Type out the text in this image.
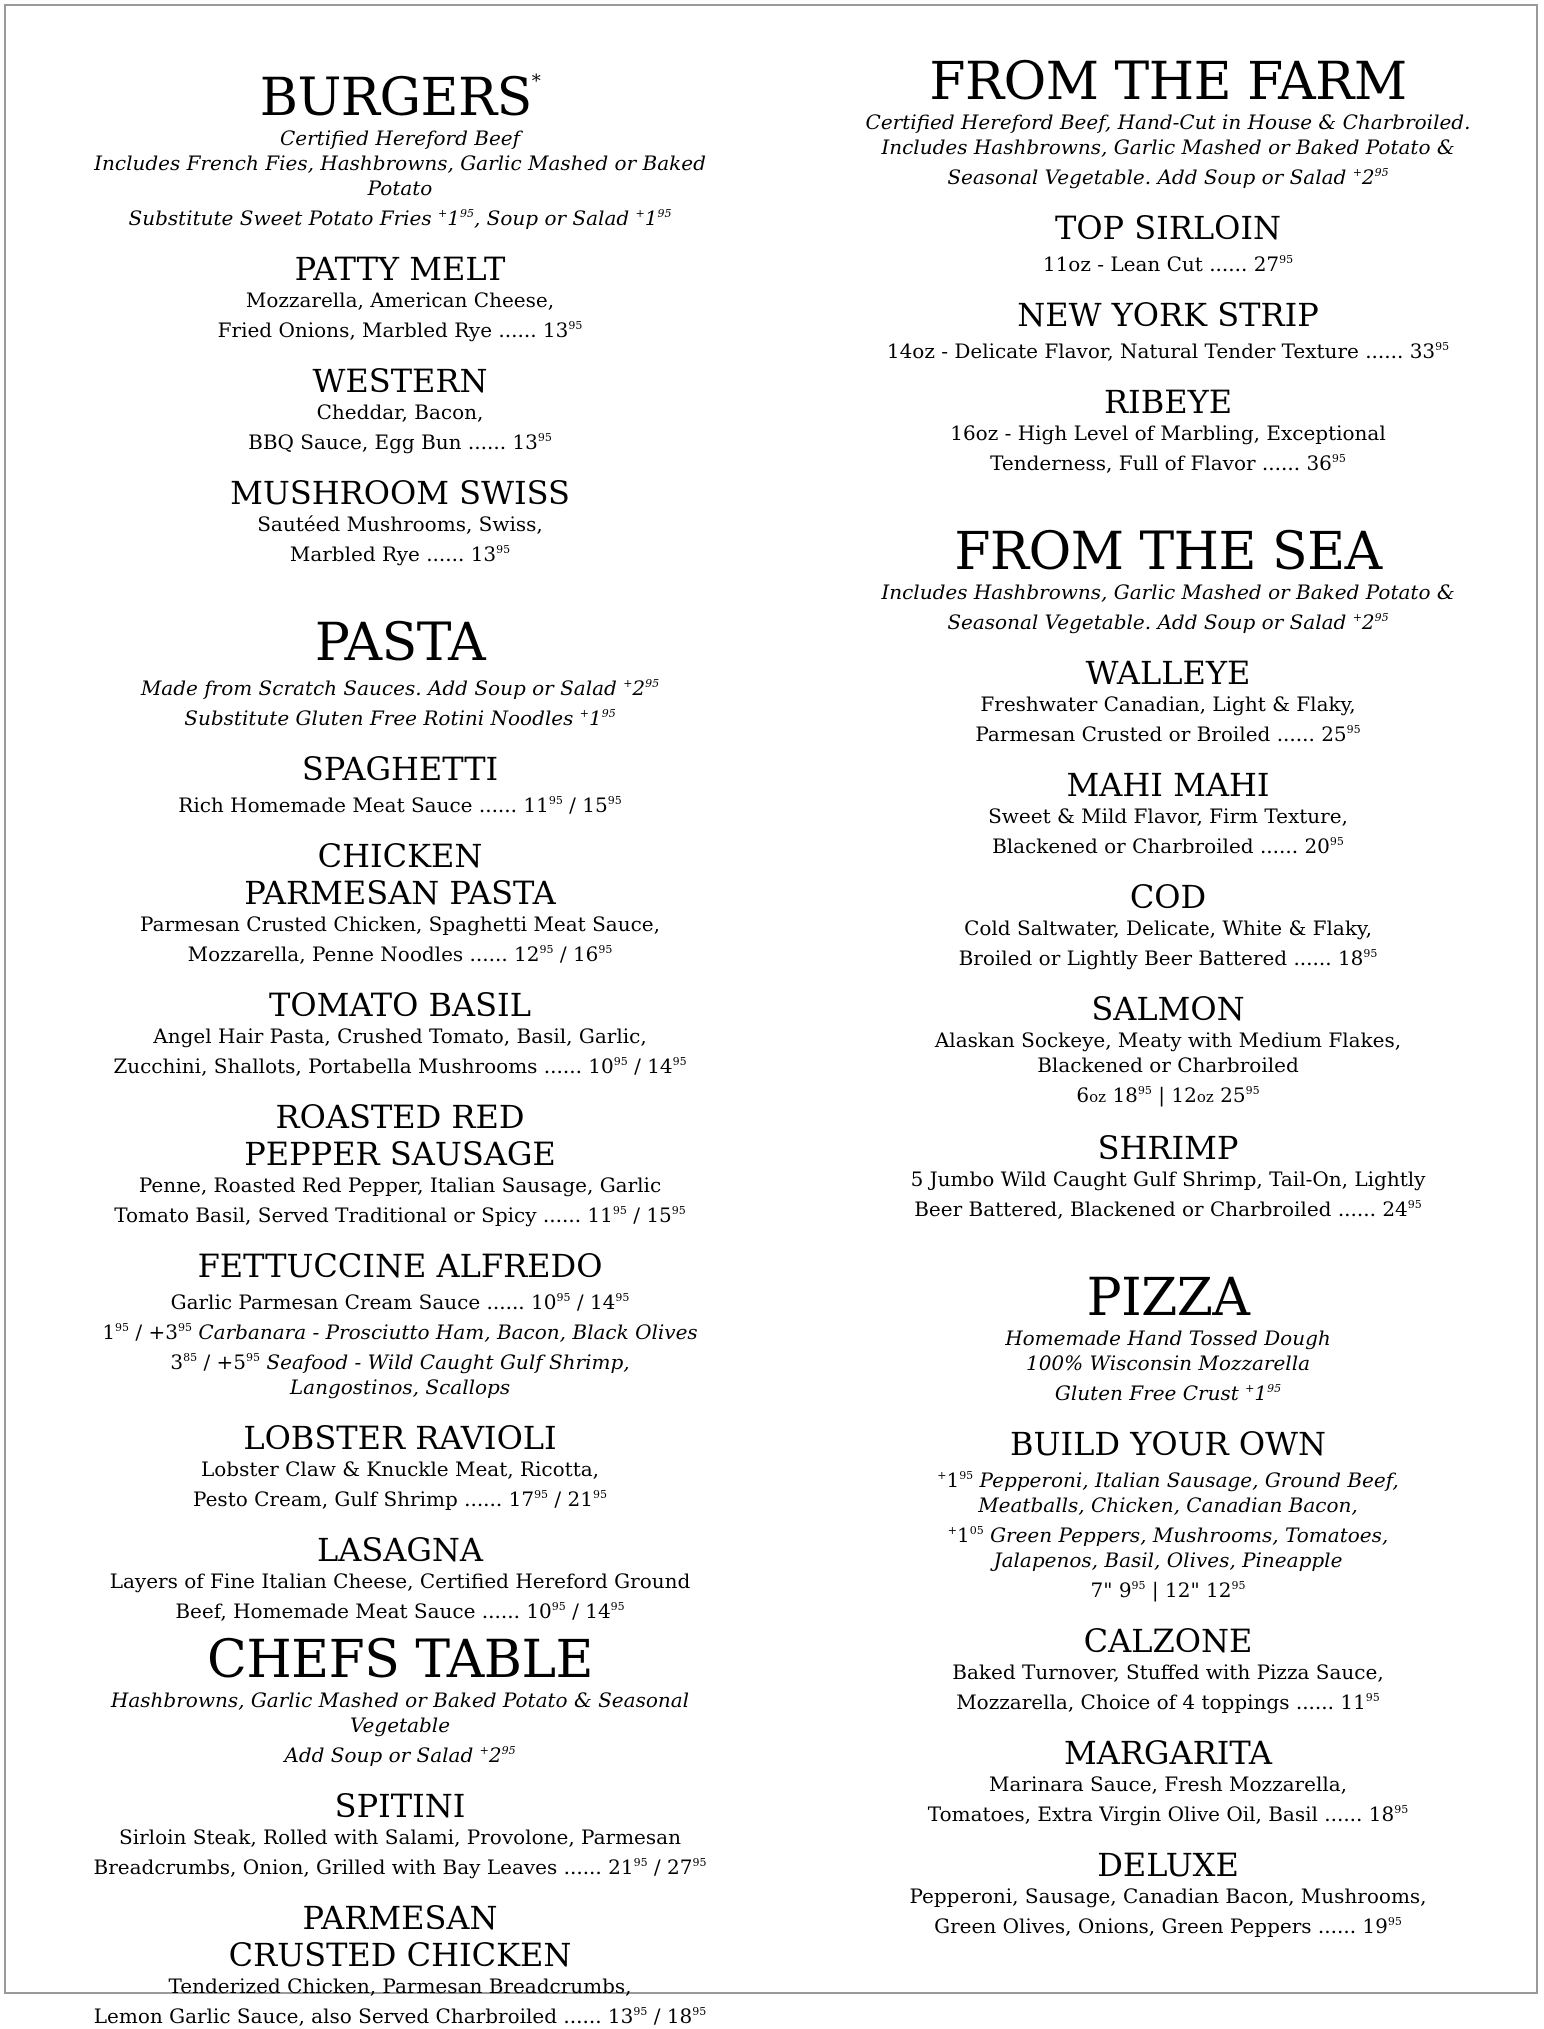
BURGERS*
Certified Hereford Beef
Includes French Fies, Hashbrowns, Garlic Mashed or Baked Potato
Substitute Sweet Potato Fries $^+1^{95}$, Soup or Salad $^+1^{95}$
PATTY MELT
Mozzarella, American Cheese,
Fried Onions, Marbled Rye ...... $13^{95}$
WESTERN
Cheddar, Bacon,
BBQ Sauce, Egg Bun ...... $13^{95}$
MUSHROOM SWISS
Sautéed Mushrooms, Swiss,
Marbled Rye ...... $13^{95}$
PASTA
Made from Scratch Sauces. Add Soup or Salad $^+2^{95}$
Substitute Gluten Free Rotini Noodles $^+1^{95}$
SPAGHETTI
Rich Homemade Meat Sauce ...... $11^{95} / 15^{95}$
CHICKEN
PARMESAN PASTA
Parmesan Crusted Chicken, Spaghetti Meat Sauce,
Mozzarella, Penne Noodles ...... $12^{95} / 16^{95}$
TOMATO BASIL
Angel Hair Pasta, Crushed Tomato, Basil, Garlic,
Zucchini, Shallots, Portabella Mushrooms ...... $10^{95} / 14^{95}$
ROASTED RED
PEPPER SAUSAGE
Penne, Roasted Red Pepper, Italian Sausage, Garlic
Tomato Basil, Served Traditional or Spicy ...... $11^{95} / 15^{95}$
FETTUCCINE ALFREDO
Garlic Parmesan Cream Sauce ...... $10^{95} / 14^{95}$
$1^{95} / +3^{95}$ Carbanara - Prosciutto Ham, Bacon, Black Olives
$3^{85} / +5^{95}$ Seafood - Wild Caught Gulf Shrimp,
Langostinos, Scallops
LOBSTER RAVIOLI
Lobster Claw & Knuckle Meat, Ricotta,
Pesto Cream, Gulf Shrimp ...... $17^{95} / 21^{95}$
LASAGNA
Layers of Fine Italian Cheese, Certified Hereford Ground
Beef, Homemade Meat Sauce ...... $10^{95} / 14^{95}$
CHEFS TABLE
Hashbrowns, Garlic Mashed or Baked Potato & Seasonal Vegetable
Add Soup or Salad $^+2^{95}$
SPITINI
Sirloin Steak, Rolled with Salami, Provolone, Parmesan
Breadcrumbs, Onion, Grilled with Bay Leaves ...... $21^{95} / 27^{95}$
PARMESAN
CRUSTED CHICKEN
Tenderized Chicken, Parmesan Breadcrumbs,
Lemon Garlic Sauce, also Served Charbroiled ...... $13^{95} / 18^{95}$
FROM THE FARM
Certified Hereford Beef, Hand-Cut in House & Charbroiled.
Includes Hashbrowns, Garlic Mashed or Baked Potato &
Seasonal Vegetable. Add Soup or Salad $^+2^{95}$
TOP SIRLOIN
11oz - Lean Cut ...... $27^{95}$
NEW YORK STRIP
14oz - Delicate Flavor, Natural Tender Texture ...... $33^{95}$
RIBEYE
16oz - High Level of Marbling, Exceptional
Tenderness, Full of Flavor ...... $36^{95}$
FROM THE SEA
Includes Hashbrowns, Garlic Mashed or Baked Potato &
Seasonal Vegetable. Add Soup or Salad $^+2^{95}$
WALLEYE
Freshwater Canadian, Light & Flaky,
Parmesan Crusted or Broiled ...... $25^{95}$
MAHI MAHI
Sweet & Mild Flavor, Firm Texture,
Blackened or Charbroiled ...... $20^{95}$
COD
Cold Saltwater, Delicate, White & Flaky,
Broiled or Lightly Beer Battered ...... $18^{95}$
SALMON
Alaskan Sockeye, Meaty with Medium Flakes,
Blackened or Charbroiled
6oz $18^{95}$ | 12oz $25^{95}$
SHRIMP
5 Jumbo Wild Caught Gulf Shrimp, Tail-On, Lightly
Beer Battered, Blackened or Charbroiled ...... $24^{95}$
PIZZA
Homemade Hand Tossed Dough
100% Wisconsin Mozzarella
Gluten Free Crust $^+1^{95}$
BUILD YOUR OWN
$^+1^{95}$ Pepperoni, Italian Sausage, Ground Beef,
Meatballs, Chicken, Canadian Bacon,
$^+1^{05}$ Green Peppers, Mushrooms, Tomatoes,
Jalapenos, Basil, Olives, Pineapple
7" $9^{95}$ | 12" $12^{95}$
CALZONE
Baked Turnover, Stuffed with Pizza Sauce,
Mozzarella, Choice of 4 toppings ...... $11^{95}$
MARGARITA
Marinara Sauce, Fresh Mozzarella,
Tomatoes, Extra Virgin Olive Oil, Basil ...... $18^{95}$
DELUXE
Pepperoni, Sausage, Canadian Bacon, Mushrooms,
Green Olives, Onions, Green Peppers ...... $19^{95}$
